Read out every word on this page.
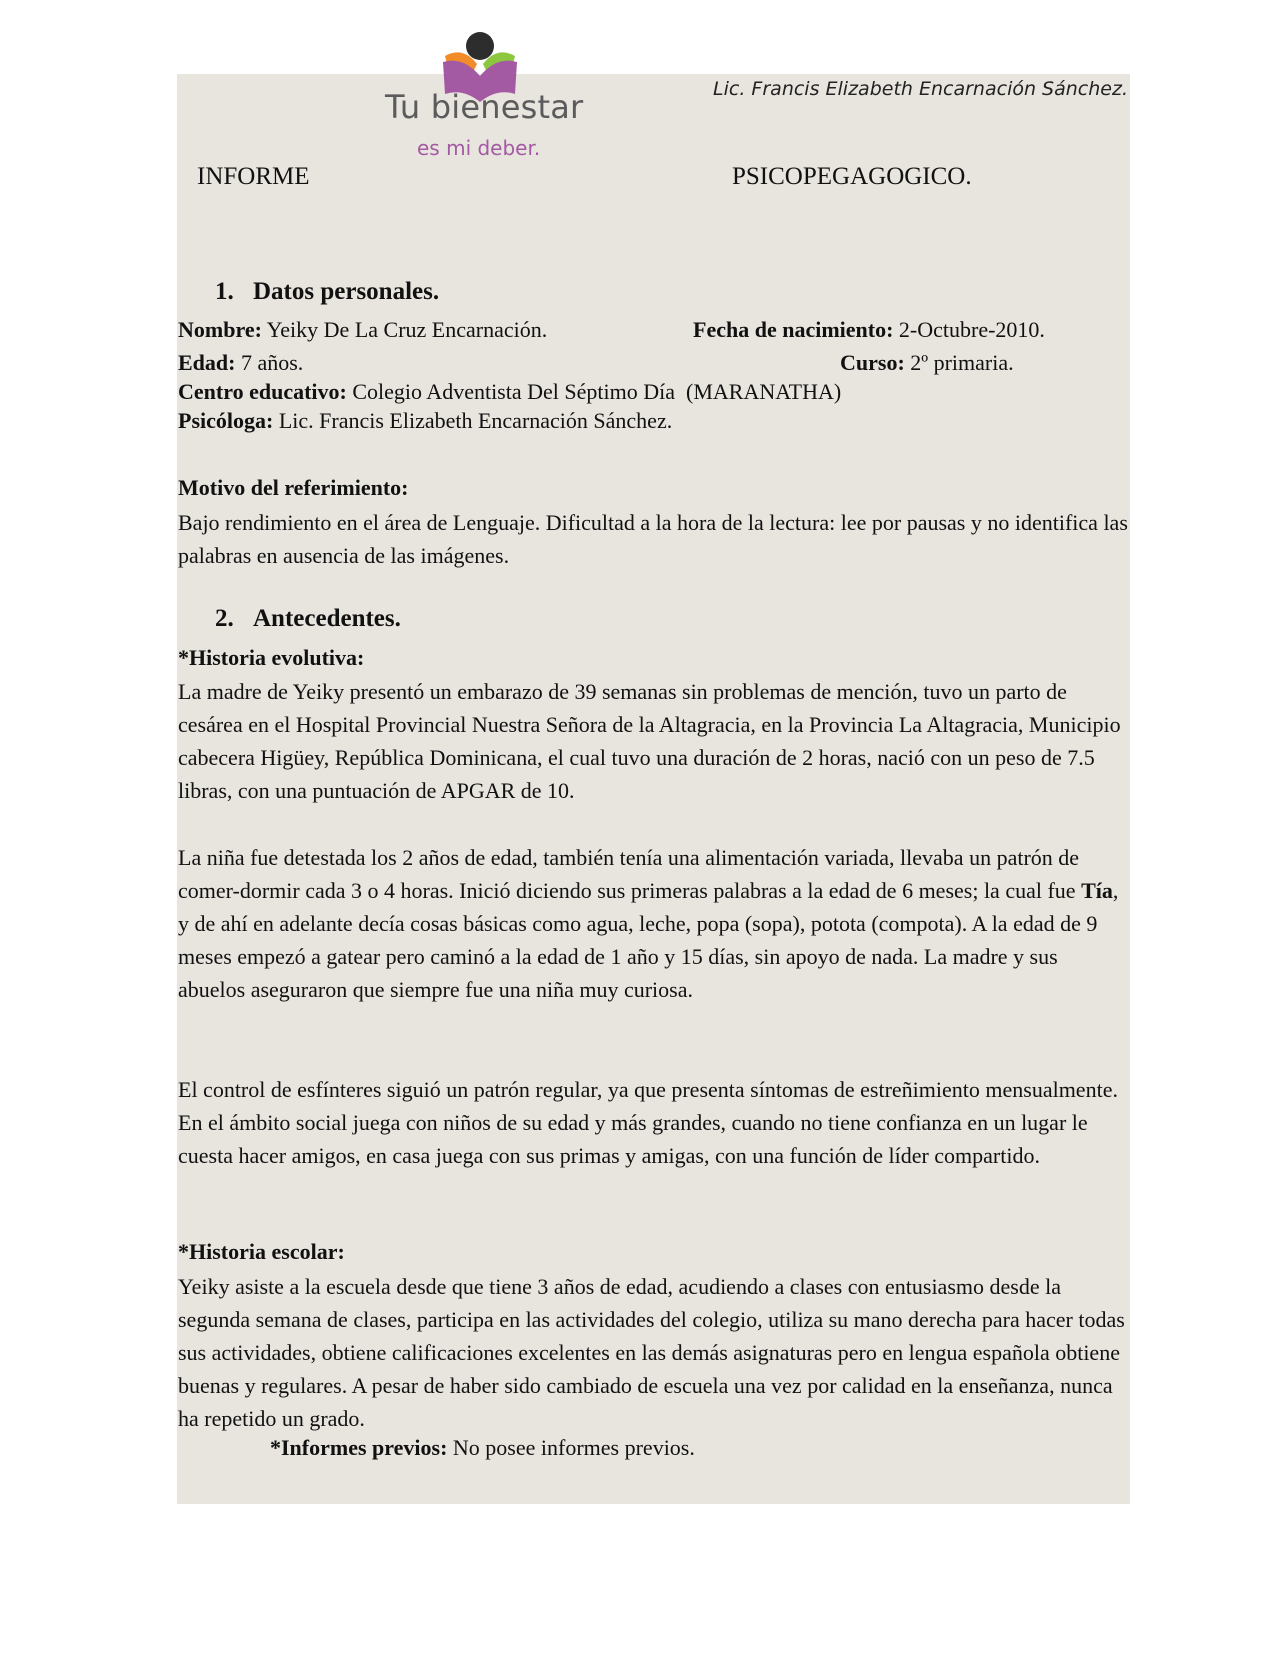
Tu bienestar
es mi deber.
Lic. Francis Elizabeth Encarnación Sánchez.
INFORME	PSICOPEGAGOGICO.
1. Datos personales.
Nombre: Yeiky De La Cruz Encarnación.	Fecha de nacimiento: 2-Octubre-2010.
Edad: 7 años.	Curso: 2º primaria.
Centro educativo: Colegio Adventista Del Séptimo Día  (MARANATHA)
Psicóloga: Lic. Francis Elizabeth Encarnación Sánchez.
Motivo del referimiento:
Bajo rendimiento en el área de Lenguaje. Dificultad a la hora de la lectura: lee por pausas y no identifica las palabras en ausencia de las imágenes.
2. Antecedentes.
*Historia evolutiva:
La madre de Yeiky presentó un embarazo de 39 semanas sin problemas de mención, tuvo un parto de cesárea en el Hospital Provincial Nuestra Señora de la Altagracia, en la Provincia La Altagracia, Municipio cabecera Higüey, República Dominicana, el cual tuvo una duración de 2 horas, nació con un peso de 7.5 libras, con una puntuación de APGAR de 10.
La niña fue detestada los 2 años de edad, también tenía una alimentación variada, llevaba un patrón de comer-dormir cada 3 o 4 horas. Inició diciendo sus primeras palabras a la edad de 6 meses; la cual fue Tía, y de ahí en adelante decía cosas básicas como agua, leche, popa (sopa), potota (compota). A la edad de 9 meses empezó a gatear pero caminó a la edad de 1 año y 15 días, sin apoyo de nada. La madre y sus abuelos aseguraron que siempre fue una niña muy curiosa.
El control de esfínteres siguió un patrón regular, ya que presenta síntomas de estreñimiento mensualmente. En el ámbito social juega con niños de su edad y más grandes, cuando no tiene confianza en un lugar le cuesta hacer amigos, en casa juega con sus primas y amigas, con una función de líder compartido.
*Historia escolar:
Yeiky asiste a la escuela desde que tiene 3 años de edad, acudiendo a clases con entusiasmo desde la segunda semana de clases, participa en las actividades del colegio, utiliza su mano derecha para hacer todas sus actividades, obtiene calificaciones excelentes en las demás asignaturas pero en lengua española obtiene buenas y regulares. A pesar de haber sido cambiado de escuela una vez por calidad en la enseñanza, nunca ha repetido un grado.
*Informes previos: No posee informes previos.
